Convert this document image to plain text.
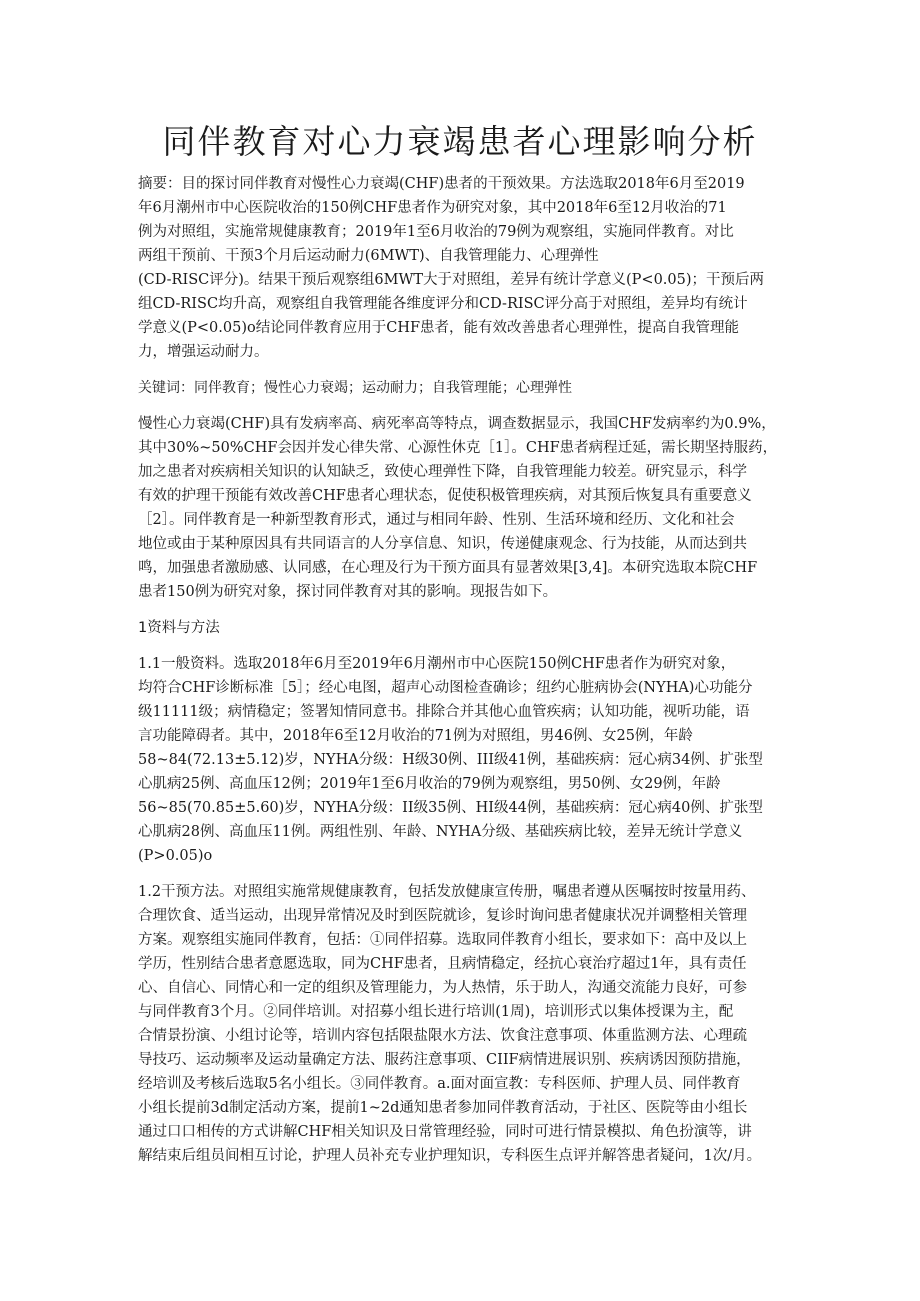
同伴教育对心力衰竭患者心理影响分析

摘要：目的探讨同伴教育对慢性心力衰竭(CHF)患者的干预效果。方法选取2018年6月至2019

年6月潮州市中心医院收治的150例CHF患者作为研究对象，其中2018年6至12月收治的71

例为对照组，实施常规健康教育；2019年1至6月收治的79例为观察组，实施同伴教育。对比

两组干预前、干预3个月后运动耐力(6MWT)、自我管理能力、心理弹性

(CD-RISC评分)。结果干预后观察组6MWT大于对照组，差异有统计学意义(P<0.05)；干预后两

组CD-RISC均升高，观察组自我管理能各维度评分和CD-RISC评分高于对照组，差异均有统计

学意义(P<0.05)o结论同伴教育应用于CHF患者，能有效改善患者心理弹性，提高自我管理能

力，增强运动耐力。

关键词：同伴教育；慢性心力衰竭；运动耐力；自我管理能；心理弹性

慢性心力衰竭(CHF)具有发病率高、病死率高等特点，调查数据显示，我国CHF发病率约为0.9%，

其中30%~50%CHF会因并发心律失常、心源性休克［1］。CHF患者病程迁延，需长期坚持服药，

加之患者对疾病相关知识的认知缺乏，致使心理弹性下降，自我管理能力较差。研究显示，科学

有效的护理干预能有效改善CHF患者心理状态，促使积极管理疾病，对其预后恢复具有重要意义

［2］。同伴教育是一种新型教育形式，通过与相同年龄、性别、生活环境和经历、文化和社会

地位或由于某种原因具有共同语言的人分享信息、知识，传递健康观念、行为技能，从而达到共

鸣，加强患者激励感、认同感，在心理及行为干预方面具有显著效果[3,4]。本研究选取本院CHF

患者150例为研究对象，探讨同伴教育对其的影响。现报告如下。

1资料与方法

1.1一般资料。选取2018年6月至2019年6月潮州市中心医院150例CHF患者作为研究对象，

均符合CHF诊断标准［5］；经心电图，超声心动图检查确诊；纽约心脏病协会(NYHA)心功能分

级11111级；病情稳定；签署知情同意书。排除合并其他心血管疾病；认知功能，视听功能，语

言功能障碍者。其中，2018年6至12月收治的71例为对照组，男46例、女25例，年龄

58~84(72.13±5.12)岁，NYHA分级：H级30例、III级41例，基础疾病：冠心病34例、扩张型

心肌病25例、高血压12例；2019年1至6月收治的79例为观察组，男50例、女29例，年龄

56~85(70.85±5.60)岁，NYHA分级：II级35例、HI级44例，基础疾病：冠心病40例、扩张型

心肌病28例、高血压11例。两组性别、年龄、NYHA分级、基础疾病比较，差异无统计学意义

(P>0.05)o

1.2干预方法。对照组实施常规健康教育，包括发放健康宣传册，嘱患者遵从医嘱按时按量用药、

合理饮食、适当运动，出现异常情况及时到医院就诊，复诊时询问患者健康状况并调整相关管理

方案。观察组实施同伴教育，包括：①同伴招募。选取同伴教育小组长，要求如下：高中及以上

学历，性别结合患者意愿选取，同为CHF患者，且病情稳定，经抗心衰治疗超过1年，具有责任

心、自信心、同情心和一定的组织及管理能力，为人热情，乐于助人，沟通交流能力良好，可参

与同伴教育3个月。②同伴培训。对招募小组长进行培训(1周)，培训形式以集体授课为主，配

合情景扮演、小组讨论等，培训内容包括限盐限水方法、饮食注意事项、体重监测方法、心理疏

导技巧、运动频率及运动量确定方法、服药注意事项、CIIF病情进展识别、疾病诱因预防措施，

经培训及考核后选取5名小组长。③同伴教育。a.面对面宣教：专科医师、护理人员、同伴教育

小组长提前3d制定活动方案，提前1~2d通知患者参加同伴教育活动，于社区、医院等由小组长

通过口口相传的方式讲解CHF相关知识及日常管理经验，同时可进行情景模拟、角色扮演等，讲

解结束后组员间相互讨论，护理人员补充专业护理知识，专科医生点评并解答患者疑问，1次/月。
